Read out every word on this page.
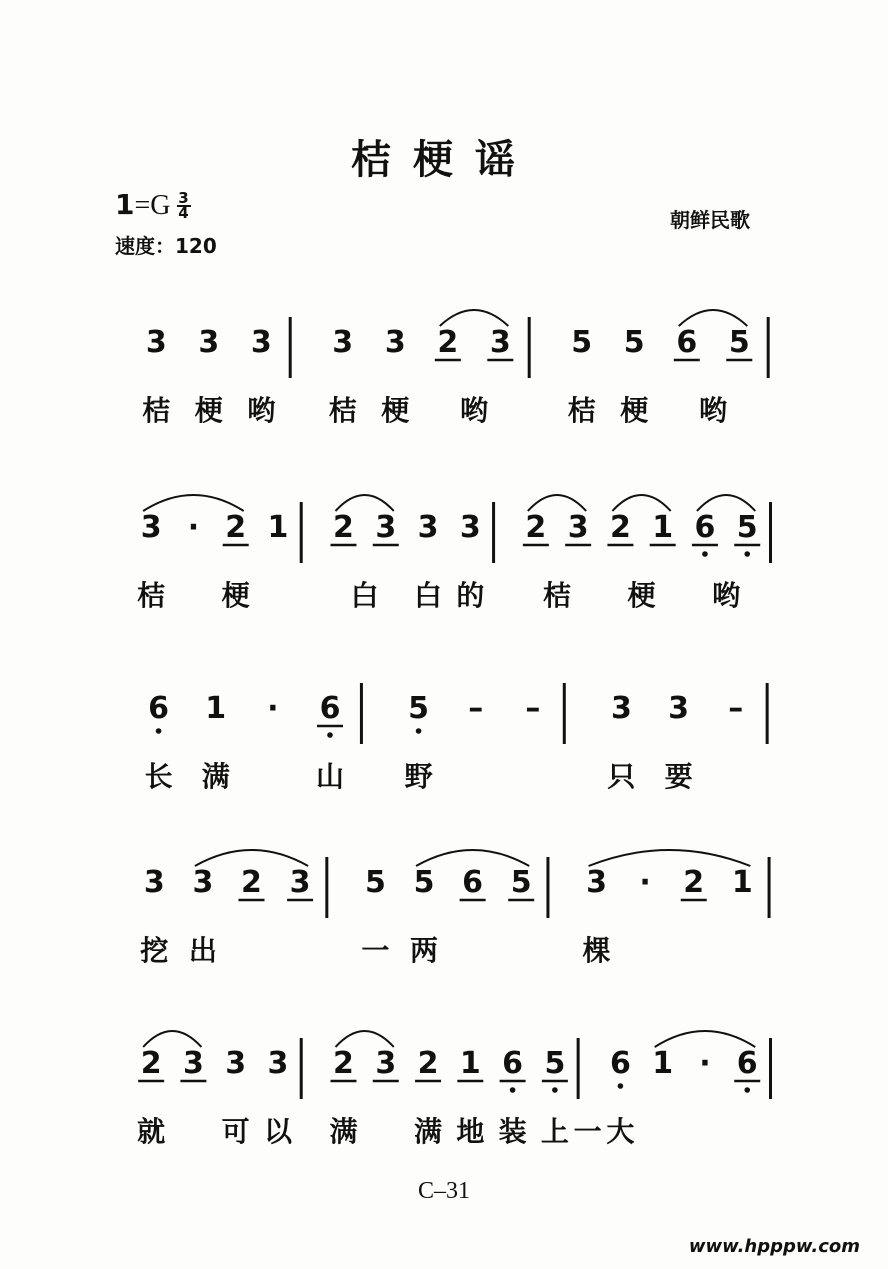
桔梗谣
$1=G \frac{3}{4}$
速度：120
朝鲜民歌
3 3 3 3 3 2 3 5 5 6 5
桔 梗 哟 桔 梗 哟	桔 梗 哟
3 · 2 1 2 3 3 3 2 3 2 1 6 5
桔 梗	白 白 的 桔 梗 哟
6 1 · 6 5 – – 3 3 –
长 满	山 野	只 要
3 3 2 3 5 5 6 5 3 · 2 1
挖 出	一 两	棵
2 3 3 3 2 3 2 1 6 5 6 1 · 6
就 可 以 满 满 地 装 上 一 大
C–31
www.hpppw.com
